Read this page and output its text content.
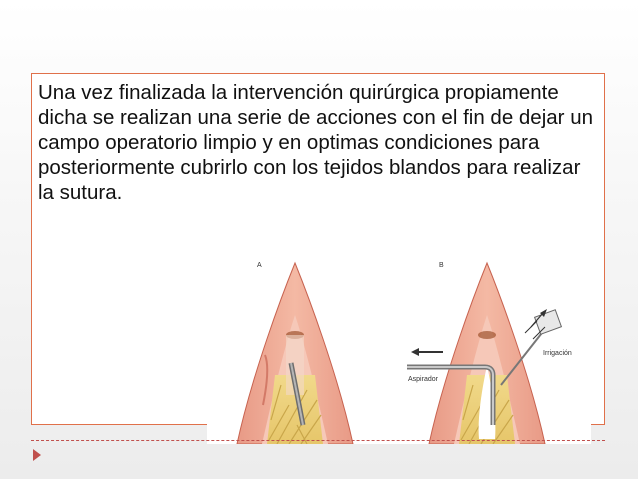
Una vez finalizada la intervención quirúrgica propiamente dicha se realizan una serie de acciones con el fin de dejar un campo operatorio limpio y en optimas condiciones para posteriormente cubrirlo con los tejidos blandos para realizar la sutura.

A	B
Aspirador
Irrigación
